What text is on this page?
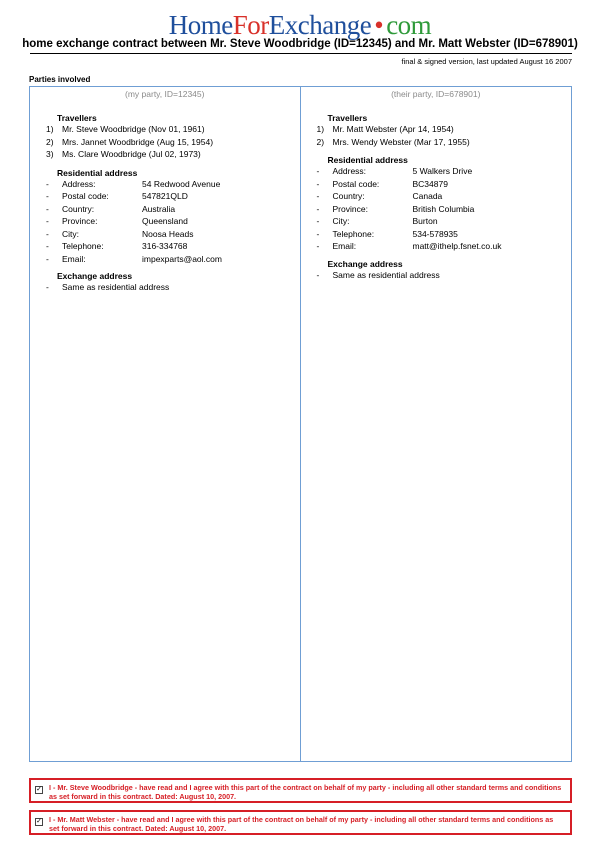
HomeForExchange • com
home exchange contract between Mr. Steve Woodbridge (ID=12345) and Mr. Matt Webster (ID=678901)
final & signed version, last updated August 16 2007
Parties involved
(my party, ID=12345)
Travellers
1) Mr. Steve Woodbridge (Nov 01, 1961)
2) Mrs. Jannet Woodbridge (Aug 15, 1954)
3) Ms. Clare Woodbridge (Jul 02, 1973)
Residential address
-	Address:	54 Redwood Avenue
-	Postal code:	547821QLD
-	Country:	Australia
-	Province:	Queensland
-	City:	Noosa Heads
-	Telephone:	316-334768
-	Email:	impexparts@aol.com
Exchange address
-	Same as residential address
(their party, ID=678901)
Travellers
1) Mr. Matt Webster (Apr 14, 1954)
2) Mrs. Wendy Webster (Mar 17, 1955)
Residential address
-	Address:	5 Walkers Drive
-	Postal code:	BC34879
-	Country:	Canada
-	Province:	British Columbia
-	City:	Burton
-	Telephone:	534-578935
-	Email:	matt@ithelp.fsnet.co.uk
Exchange address
-	Same as residential address
✓ I - Mr. Steve Woodbridge - have read and I agree with this part of the contract on behalf of my party - including all other standard terms and conditions as set forward in this contract. Dated: August 10, 2007.
✓ I - Mr. Matt Webster - have read and I agree with this part of the contract on behalf of my party - including all other standard terms and conditions as set forward in this contract. Dated: August 10, 2007.
